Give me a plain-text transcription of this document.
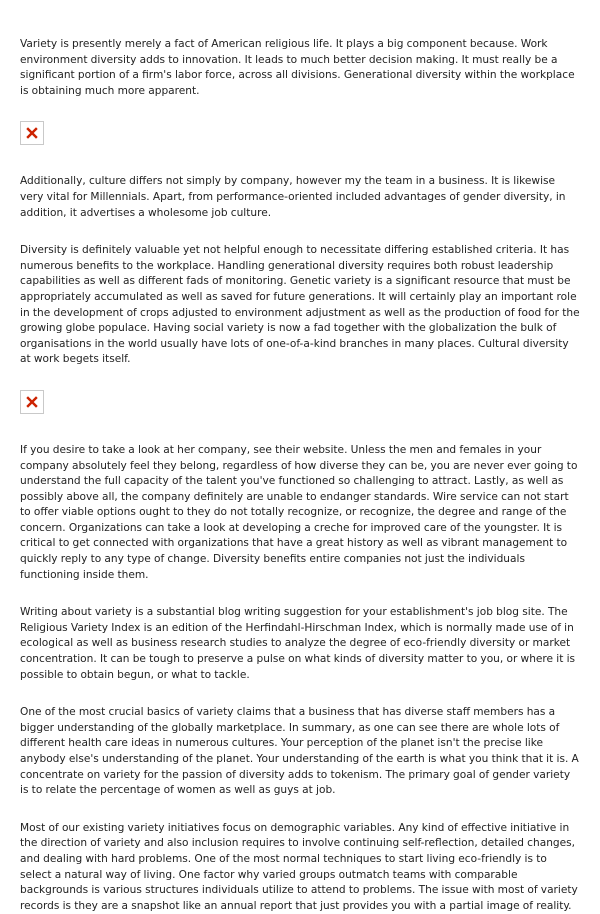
Variety is presently merely a fact of American religious life. It plays a big component because. Work environment diversity adds to innovation. It leads to much better decision making. It must really be a significant portion of a firm's labor force, across all divisions. Generational diversity within the workplace is obtaining much more apparent.

Additionally, culture differs not simply by company, however my the team in a business. It is likewise very vital for Millennials. Apart, from performance-oriented included advantages of gender diversity, in addition, it advertises a wholesome job culture.

Diversity is definitely valuable yet not helpful enough to necessitate differing established criteria. It has numerous benefits to the workplace. Handling generational diversity requires both robust leadership capabilities as well as different fads of monitoring. Genetic variety is a significant resource that must be appropriately accumulated as well as saved for future generations. It will certainly play an important role in the development of crops adjusted to environment adjustment as well as the production of food for the growing globe populace. Having social variety is now a fad together with the globalization the bulk of organisations in the world usually have lots of one-of-a-kind branches in many places. Cultural diversity at work begets itself.

If you desire to take a look at her company, see their website. Unless the men and females in your company absolutely feel they belong, regardless of how diverse they can be, you are never ever going to understand the full capacity of the talent you've functioned so challenging to attract. Lastly, as well as possibly above all, the company definitely are unable to endanger standards. Wire service can not start to offer viable options ought to they do not totally recognize, or recognize, the degree and range of the concern. Organizations can take a look at developing a creche for improved care of the youngster. It is critical to get connected with organizations that have a great history as well as vibrant management to quickly reply to any type of change. Diversity benefits entire companies not just the individuals functioning inside them.

Writing about variety is a substantial blog writing suggestion for your establishment's job blog site. The Religious Variety Index is an edition of the Herfindahl-Hirschman Index, which is normally made use of in ecological as well as business research studies to analyze the degree of eco-friendly diversity or market concentration. It can be tough to preserve a pulse on what kinds of diversity matter to you, or where it is possible to obtain begun, or what to tackle.

One of the most crucial basics of variety claims that a business that has diverse staff members has a bigger understanding of the globally marketplace. In summary, as one can see there are whole lots of different health care ideas in numerous cultures. Your perception of the planet isn't the precise like anybody else's understanding of the planet. Your understanding of the earth is what you think that it is. A concentrate on variety for the passion of diversity adds to tokenism. The primary goal of gender variety is to relate the percentage of women as well as guys at job.

Most of our existing variety initiatives focus on demographic variables. Any kind of effective initiative in the direction of variety and also inclusion requires to involve continuing self-reflection, detailed changes, and dealing with hard problems. One of the most normal techniques to start living eco-friendly is to select a natural way of living. One factor why varied groups outmatch teams with comparable backgrounds is various structures individuals utilize to attend to problems. The issue with most of variety records is they are a snapshot like an annual report that just provides you with a partial image of reality.
